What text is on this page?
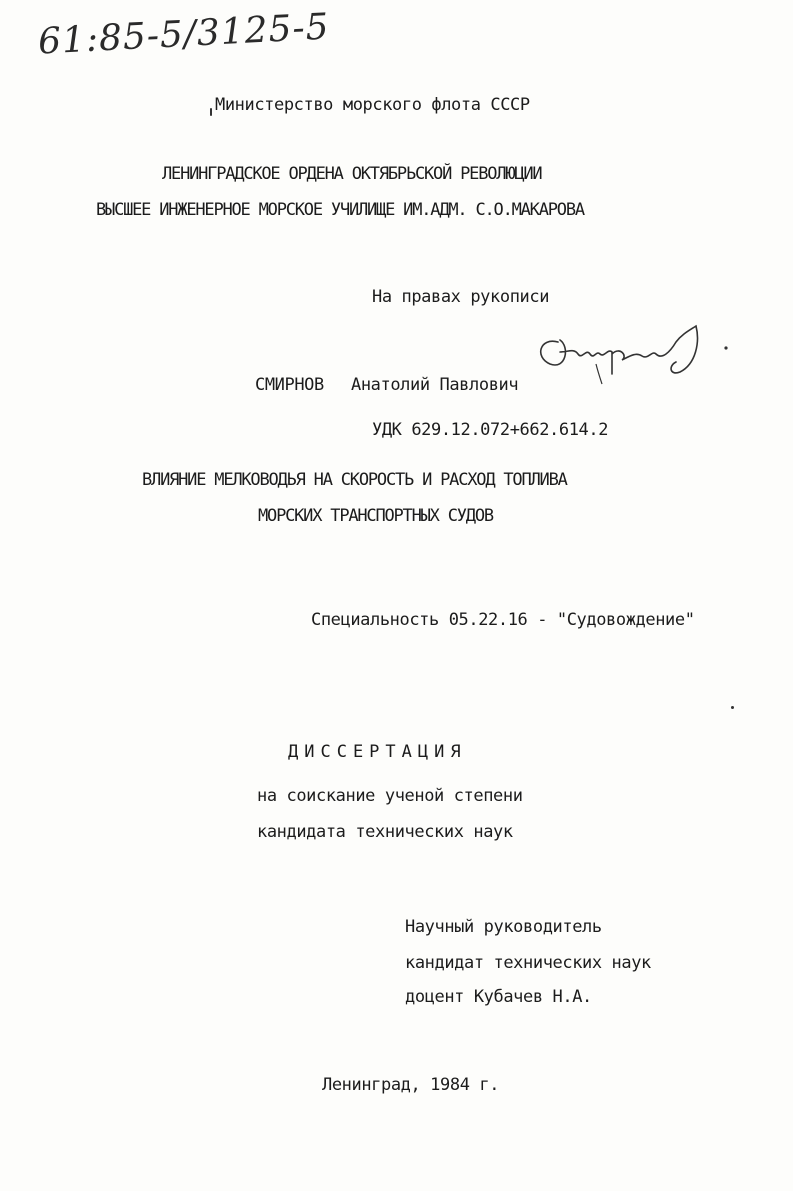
61:85-5/3125-5
Министерство морского флота СССР
ЛЕНИНГРАДСКОЕ ОРДЕНА ОКТЯБРЬСКОЙ РЕВОЛЮЦИИ
ВЫСШЕЕ ИНЖЕНЕРНОЕ МОРСКОЕ УЧИЛИЩЕ ИМ.АДМ. С.О.МАКАРОВА
На правах рукописи
СМИРНОВ Анатолий Павлович
УДК 629.12.072+662.614.2
ВЛИЯНИЕ МЕЛКОВОДЬЯ НА СКОРОСТЬ И РАСХОД ТОПЛИВА
МОРСКИХ ТРАНСПОРТНЫХ СУДОВ
Специальность 05.22.16 - "Судовождение"
ДИССЕРТАЦИЯ
на соискание ученой степени
кандидата технических наук
Научный руководитель
кандидат технических наук
доцент Кубачев Н.А.
Ленинград, 1984 г.
